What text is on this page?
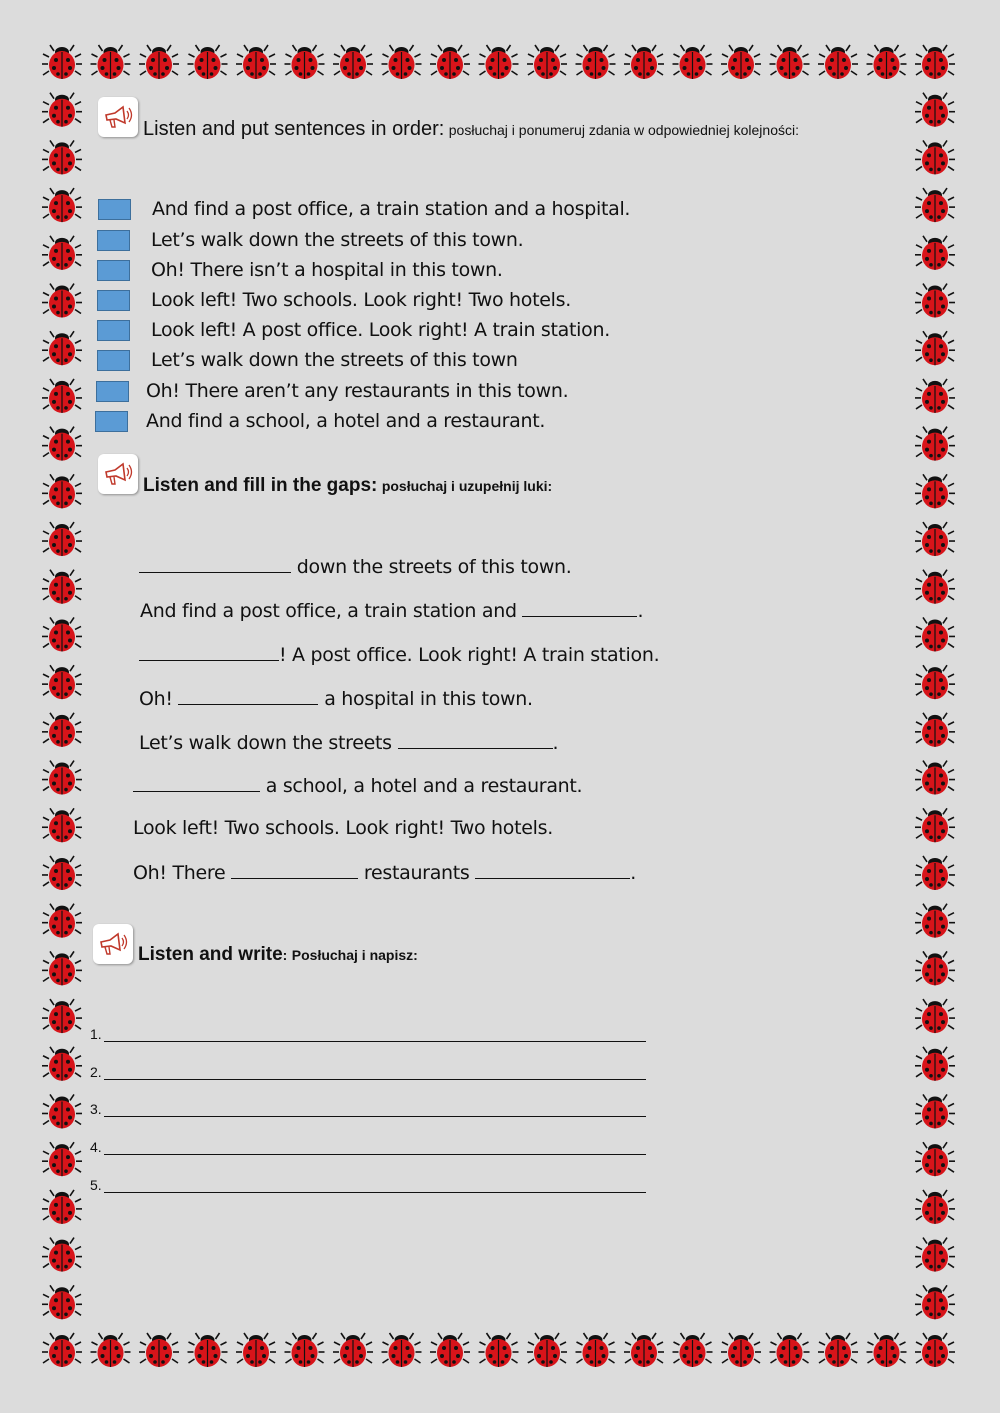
Listen and put sentences in order: posłuchaj i ponumeruj zdania w odpowiedniej kolejności:
And find a post office, a train station and a hospital.
Let’s walk down the streets of this town.
Oh! There isn’t a hospital in this town.
Look left! Two schools. Look right! Two hotels.
Look left! A post office. Look right! A train station.
Let’s walk down the streets of this town
Oh! There aren’t any restaurants in this town.
And find a school, a hotel and a restaurant.
Listen and fill in the gaps: posłuchaj i uzupełnij luki:
down the streets of this town.
And find a post office, a train station and	.
! A post office. Look right! A train station.
Oh!	a hospital in this town.
Let’s walk down the streets	.
a school, a hotel and a restaurant.
Look left! Two schools. Look right! Two hotels.
Oh! There	restaurants	.
Listen and write: Posłuchaj i napisz:
1.
2.
3.
4.
5.
